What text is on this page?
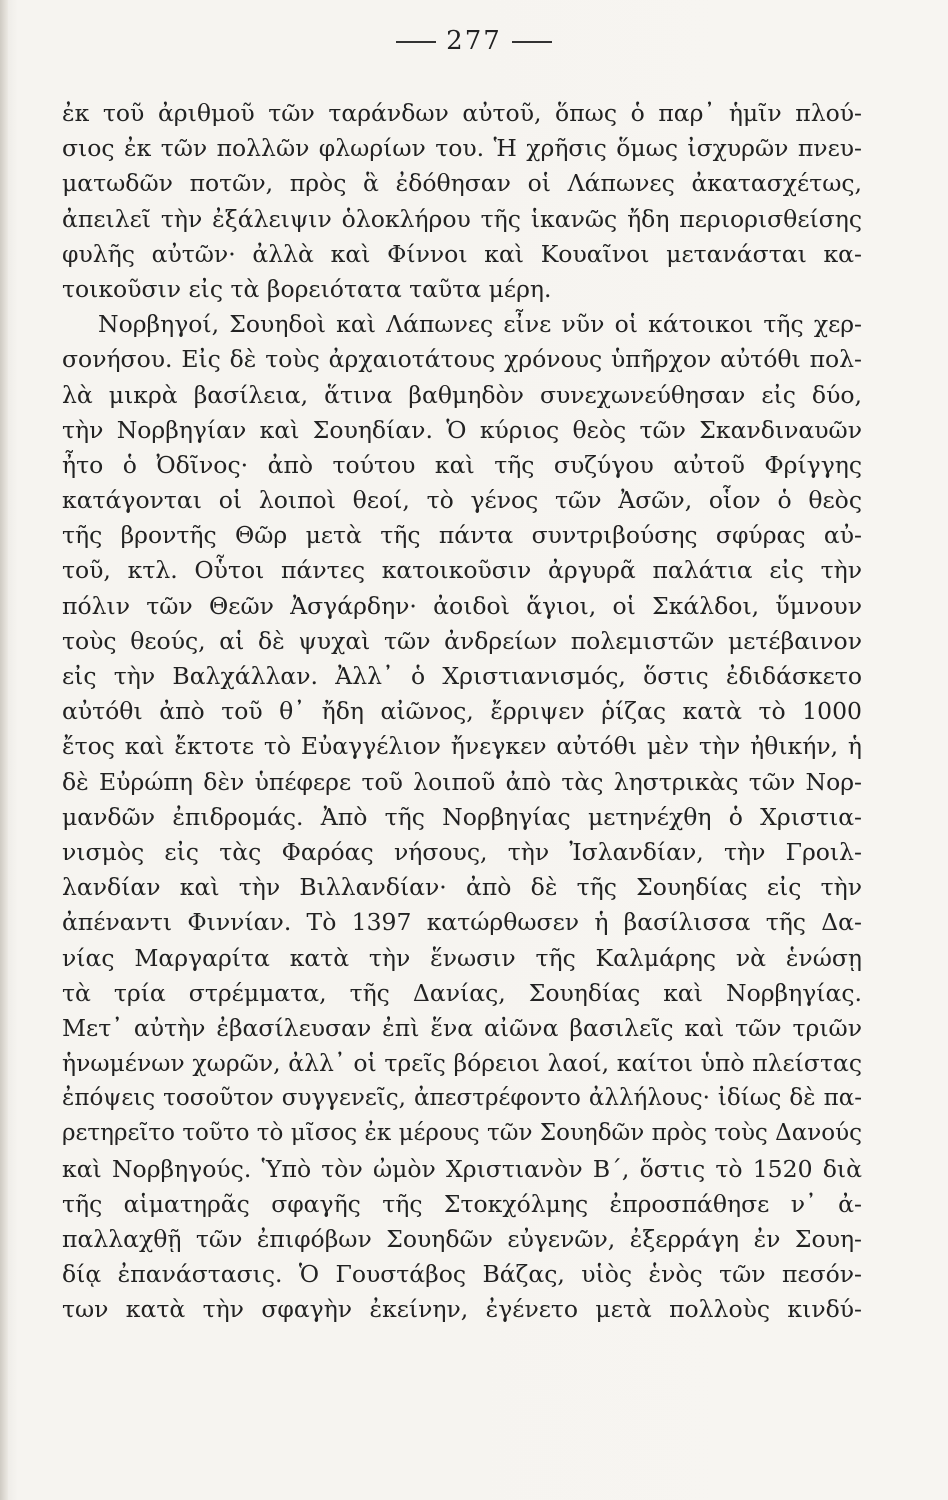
277
ἐκ τοῦ ἀριθμοῦ τῶν ταράνδων αὐτοῦ, ὅπως ὁ παρ᾽ ἡμῖν πλού-
σιος ἐκ τῶν πολλῶν φλωρίων του. Ἡ χρῆσις ὅμως ἰσχυρῶν πνευ-
ματωδῶν ποτῶν, πρὸς ἃ ἐδόθησαν οἱ Λάπωνες ἀκατασχέτως,
ἀπειλεῖ τὴν ἐξάλειψιν ὁλοκλήρου τῆς ἱκανῶς ἤδη περιορισθείσης
φυλῆς αὐτῶν· ἀλλὰ καὶ Φίννοι καὶ Κουαῖνοι μετανάσται κα-
τοικοῦσιν εἰς τὰ βορειότατα ταῦτα μέρη.
Νορβηγοί, Σουηδοὶ καὶ Λάπωνες εἶνε νῦν οἱ κάτοικοι τῆς χερ-
σονήσου. Εἰς δὲ τοὺς ἀρχαιοτάτους χρόνους ὑπῆρχον αὐτόθι πολ-
λὰ μικρὰ βασίλεια, ἅτινα βαθμηδὸν συνεχωνεύθησαν εἰς δύο,
τὴν Νορβηγίαν καὶ Σουηδίαν. Ὁ κύριος θεὸς τῶν Σκανδιναυῶν
ἦτο ὁ Ὀδῖνος· ἀπὸ τούτου καὶ τῆς συζύγου αὐτοῦ Φρίγγης
κατάγονται οἱ λοιποὶ θεοί, τὸ γένος τῶν Ἀσῶν, οἷον ὁ θεὸς
τῆς βροντῆς Θῶρ μετὰ τῆς πάντα συντριβούσης σφύρας αὐ-
τοῦ, κτλ. Οὗτοι πάντες κατοικοῦσιν ἀργυρᾶ παλάτια εἰς τὴν
πόλιν τῶν Θεῶν Ἀσγάρδην· ἀοιδοὶ ἅγιοι, οἱ Σκάλδοι, ὕμνουν
τοὺς θεούς, αἱ δὲ ψυχαὶ τῶν ἀνδρείων πολεμιστῶν μετέβαινον
εἰς τὴν Βαλχάλλαν. Ἀλλ᾽ ὁ Χριστιανισμός, ὅστις ἐδιδάσκετο
αὐτόθι ἀπὸ τοῦ θ᾽ ἤδη αἰῶνος, ἔρριψεν ῥίζας κατὰ τὸ 1000
ἔτος καὶ ἔκτοτε τὸ Εὐαγγέλιον ἤνεγκεν αὐτόθι μὲν τὴν ἠθικήν, ἡ
δὲ Εὐρώπη δὲν ὑπέφερε τοῦ λοιποῦ ἀπὸ τὰς ληστρικὰς τῶν Νορ-
μανδῶν ἐπιδρομάς. Ἀπὸ τῆς Νορβηγίας μετηνέχθη ὁ Χριστια-
νισμὸς εἰς τὰς Φαρόας νήσους, τὴν Ἰσλανδίαν, τὴν Γροιλ-
λανδίαν καὶ τὴν Βιλλανδίαν· ἀπὸ δὲ τῆς Σουηδίας εἰς τὴν
ἀπέναντι Φιννίαν. Τὸ 1397 κατώρθωσεν ἡ βασίλισσα τῆς Δα-
νίας Μαργαρίτα κατὰ τὴν ἕνωσιν τῆς Καλμάρης νὰ ἑνώσῃ
τὰ τρία στρέμματα, τῆς Δανίας, Σουηδίας καὶ Νορβηγίας.
Μετ᾽ αὐτὴν ἐβασίλευσαν ἐπὶ ἕνα αἰῶνα βασιλεῖς καὶ τῶν τριῶν
ἡνωμένων χωρῶν, ἀλλ᾽ οἱ τρεῖς βόρειοι λαοί, καίτοι ὑπὸ πλείστας
ἐπόψεις τοσοῦτον συγγενεῖς, ἀπεστρέφοντο ἀλλήλους· ἰδίως δὲ πα-
ρετηρεῖτο τοῦτο τὸ μῖσος ἐκ μέρους τῶν Σουηδῶν πρὸς τοὺς Δανούς
καὶ Νορβηγούς. Ὑπὸ τὸν ὠμὸν Χριστιανὸν Β´, ὅστις τὸ 1520 διὰ
τῆς αἱματηρᾶς σφαγῆς τῆς Στοκχόλμης ἐπροσπάθησε ν᾽ ἀ-
παλλαχθῇ τῶν ἐπιφόβων Σουηδῶν εὐγενῶν, ἐξερράγη ἐν Σουη-
δίᾳ ἐπανάστασις. Ὁ Γουστάβος Βάζας, υἱὸς ἑνὸς τῶν πεσόν-
των κατὰ τὴν σφαγὴν ἐκείνην, ἐγένετο μετὰ πολλοὺς κινδύ-
